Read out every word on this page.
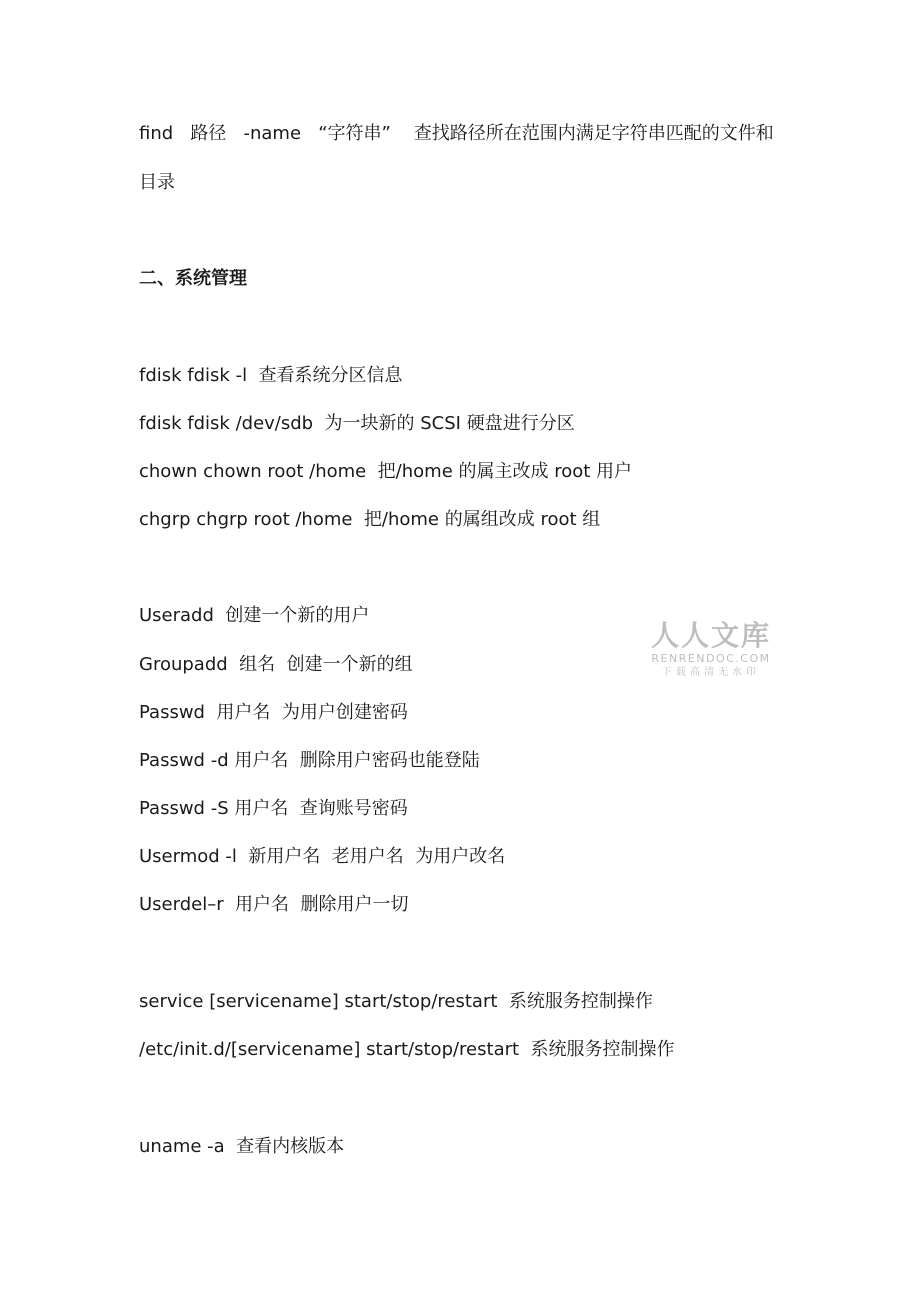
find   路径   -name   “字符串”    查找路径所在范围内满足字符串匹配的文件和
目录
二、系统管理
fdisk fdisk -l  查看系统分区信息
fdisk fdisk /dev/sdb  为一块新的 SCSI 硬盘进行分区
chown chown root /home  把/home 的属主改成 root 用户
chgrp chgrp root /home  把/home 的属组改成 root 组
Useradd  创建一个新的用户
Groupadd  组名  创建一个新的组
Passwd  用户名  为用户创建密码
Passwd -d 用户名  删除用户密码也能登陆
Passwd -S 用户名  查询账号密码
Usermod -l  新用户名  老用户名  为用户改名
Userdel–r  用户名  删除用户一切
service [servicename] start/stop/restart  系统服务控制操作
/etc/init.d/[servicename] start/stop/restart  系统服务控制操作
uname -a  查看内核版本
人人文库
RENRENDOC.COM
下载高清无水印
